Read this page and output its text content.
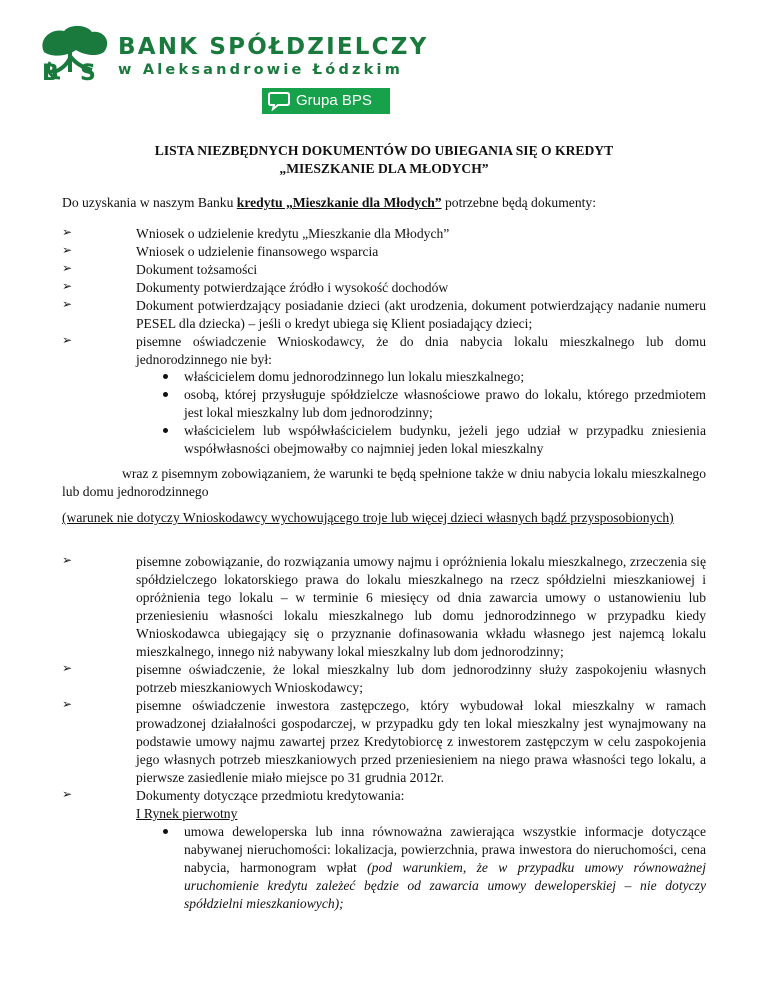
B S
BANK SPÓŁDZIELCZY
w Aleksandrowie Łódzkim
Grupa BPS
LISTA NIEZBĘDNYCH DOKUMENTÓW DO UBIEGANIA SIĘ O KREDYT
„MIESZKANIE DLA MŁODYCH”
Do uzyskania w naszym Banku kredytu „Mieszkanie dla Młodych” potrzebne będą dokumenty:
➢	Wniosek o udzielenie kredytu „Mieszkanie dla Młodych”
➢	Wniosek o udzielenie finansowego wsparcia
➢	Dokument tożsamości
➢	Dokumenty potwierdzające źródło i wysokość dochodów
➢	Dokument potwierdzający posiadanie dzieci (akt urodzenia, dokument potwierdzający nadanie numeru PESEL dla dziecka) – jeśli o kredyt ubiega się Klient posiadający dzieci;
➢	pisemne oświadczenie Wnioskodawcy, że do dnia nabycia lokalu mieszkalnego lub domu jednorodzinnego nie był:
właścicielem domu jednorodzinnego lun lokalu mieszkalnego;
osobą, której przysługuje spółdzielcze własnościowe prawo do lokalu, którego przedmiotem jest lokal mieszkalny lub dom jednorodzinny;
właścicielem lub współwłaścicielem budynku, jeżeli jego udział w przypadku zniesienia współwłasności obejmowałby co najmniej jeden lokal mieszkalny
wraz z pisemnym zobowiązaniem, że warunki te będą spełnione także w dniu nabycia lokalu mieszkalnego lub domu jednorodzinnego
(warunek nie dotyczy Wnioskodawcy wychowującego troje lub więcej dzieci własnych bądź przysposobionych)
➢	pisemne zobowiązanie, do rozwiązania umowy najmu i opróżnienia lokalu mieszkalnego, zrzeczenia się spółdzielczego lokatorskiego prawa do lokalu mieszkalnego na rzecz spółdzielni mieszkaniowej i opróżnienia tego lokalu – w terminie 6 miesięcy od dnia zawarcia umowy o ustanowieniu lub przeniesieniu własności lokalu mieszkalnego lub domu jednorodzinnego w przypadku kiedy Wnioskodawca ubiegający się o przyznanie dofinasowania wkładu własnego jest najemcą lokalu mieszkalnego, innego niż nabywany lokal mieszkalny lub dom jednorodzinny;
➢	pisemne oświadczenie, że lokal mieszkalny lub dom jednorodzinny służy zaspokojeniu własnych potrzeb mieszkaniowych Wnioskodawcy;
➢	pisemne oświadczenie inwestora zastępczego, który wybudował lokal mieszkalny w ramach prowadzonej działalności gospodarczej, w przypadku gdy ten lokal mieszkalny jest wynajmowany na podstawie umowy najmu zawartej przez Kredytobiorcę z inwestorem zastępczym w celu zaspokojenia jego własnych potrzeb mieszkaniowych przed przeniesieniem na niego prawa własności tego lokalu, a pierwsze zasiedlenie miało miejsce po 31 grudnia 2012r.
➢	Dokumenty dotyczące przedmiotu kredytowania:
I Rynek pierwotny
umowa deweloperska lub inna równoważna zawierająca wszystkie informacje dotyczące nabywanej nieruchomości: lokalizacja, powierzchnia, prawa inwestora do nieruchomości, cena nabycia, harmonogram wpłat (pod warunkiem, że w przypadku umowy równoważnej uruchomienie kredytu zależeć będzie od zawarcia umowy deweloperskiej – nie dotyczy spółdzielni mieszkaniowych);
